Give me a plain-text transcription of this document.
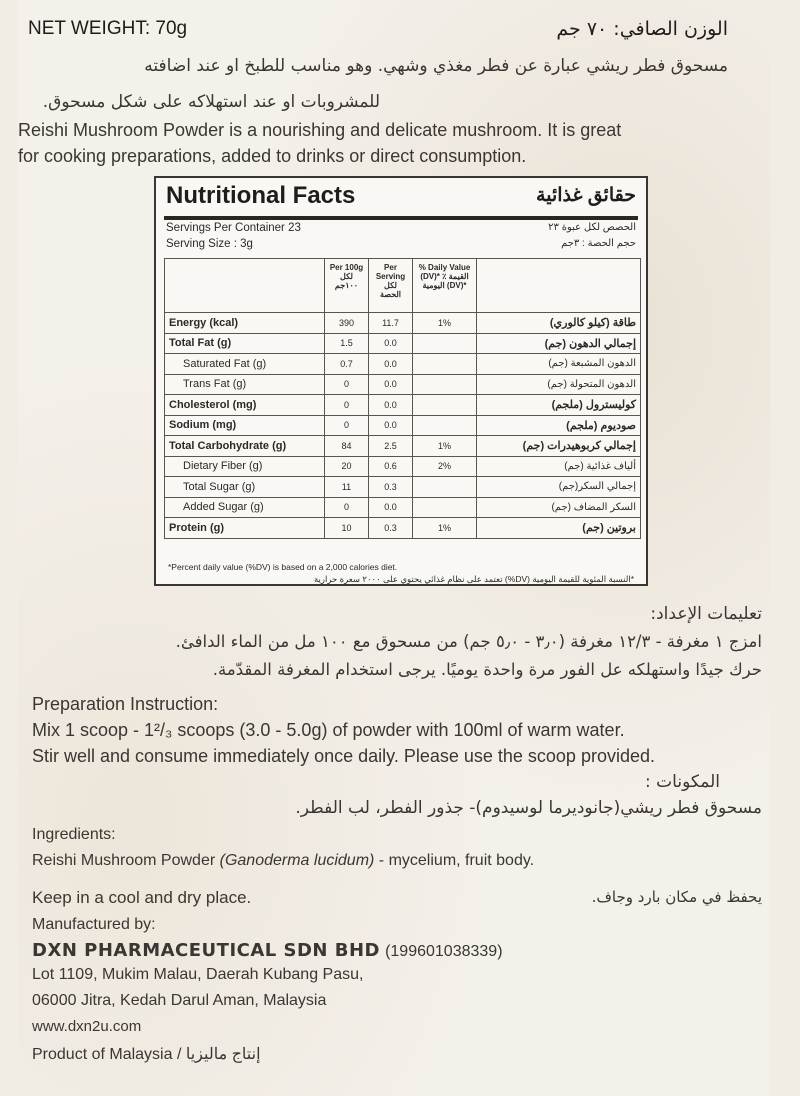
NET WEIGHT: 70g	الوزن الصافي: ٧٠ جم
مسحوق فطر ريشي عبارة عن فطر مغذي وشهي. وهو مناسب للطبخ او عند اضافته
للمشروبات او عند استهلاكه على شكل مسحوق.
Reishi Mushroom Powder is a nourishing and delicate mushroom. It is great
for cooking preparations, added to drinks or direct consumption.
Nutritional Facts	حقائق غذائية
Servings Per Container 23	الحصص لكل عبوة ٢٣
Serving Size : 3g	حجم الحصة : ٣جم
	Per 100g لكل ١٠٠جم	Per Serving لكل الحصة	% Daily Value (DV)* ٪ القيمة اليومية (DV)*	
Energy (kcal)	390	11.7	1%	طاقة (كيلو كالوري)
Total Fat (g)	1.5	0.0		إجمالي الدهون (جم)
Saturated Fat (g)	0.7	0.0		الدهون المشبعة (جم)
Trans Fat (g)	0	0.0		الدهون المتحولة (جم)
Cholesterol (mg)	0	0.0		كوليسترول (ملجم)
Sodium (mg)	0	0.0		صوديوم (ملجم)
Total Carbohydrate (g)	84	2.5	1%	إجمالي كربوهيدرات (جم)
Dietary Fiber (g)	20	0.6	2%	ألياف غذائية (جم)
Total Sugar (g)	11	0.3		إجمالي السكر(جم)
Added Sugar (g)	0	0.0		السكر المضاف (جم)
Protein (g)	10	0.3	1%	بروتين (جم)
*Percent daily value (%DV) is based on a 2,000 calories diet.
*النسبة المئوية للقيمة اليومية (DV%) تعتمد على نظام غذائي يحتوي على ٢٠٠٠ سعرة حرارية
تعليمات الإعداد:
امزج ١ مغرفة - ١٢/٣ مغرفة (٣٫٠ - ٥٫٠ جم) من مسحوق مع ١٠٠ مل من الماء الدافئ.
حرك جيدًا واستهلكه عل الفور مرة واحدة يوميًا. يرجى استخدام المغرفة المقدّمة.
Preparation Instruction:
Mix 1 scoop - 1²/₃ scoops (3.0 - 5.0g) of powder with 100ml of warm water.
Stir well and consume immediately once daily. Please use the scoop provided.
المكونات :
مسحوق فطر ريشي(جانوديرما لوسيدوم)- جذور الفطر، لب الفطر.
Ingredients:
Reishi Mushroom Powder (Ganoderma lucidum) - mycelium, fruit body.
Keep in a cool and dry place.	يحفظ في مكان بارد وجاف.
Manufactured by:
DXN PHARMACEUTICAL SDN BHD (199601038339)
Lot 1109, Mukim Malau, Daerah Kubang Pasu,
06000 Jitra, Kedah Darul Aman, Malaysia
www.dxn2u.com
Product of Malaysia / إنتاج ماليزيا
